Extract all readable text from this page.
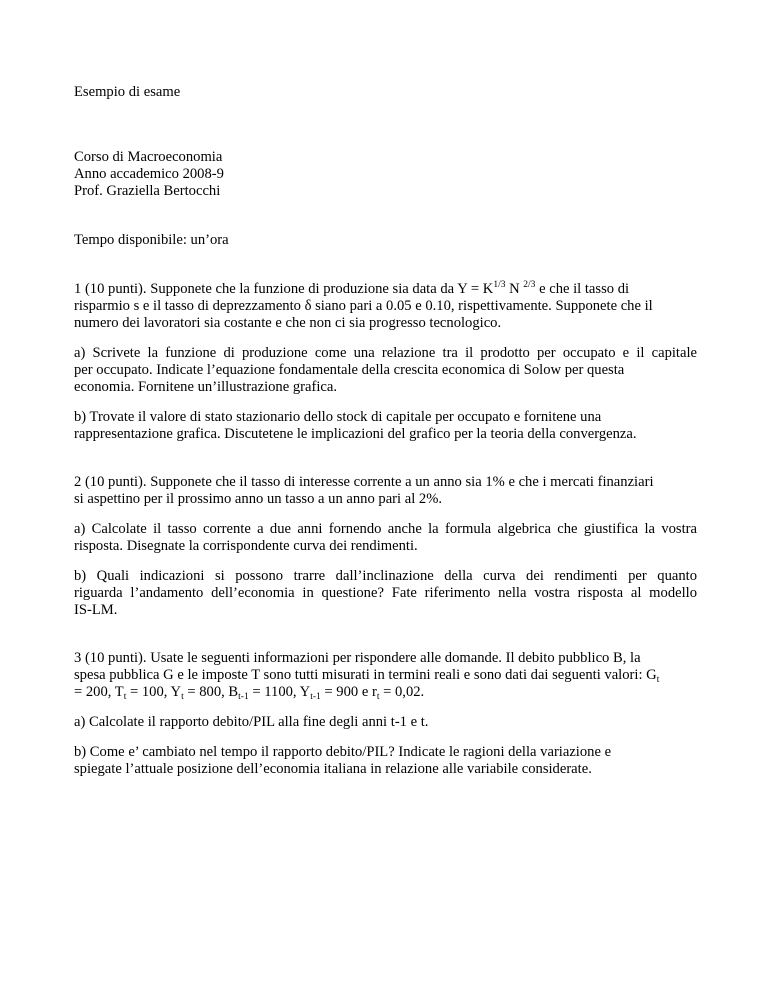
Esempio di esame
Corso di Macroeconomia
Anno accademico 2008-9
Prof. Graziella Bertocchi
Tempo disponibile: un’ora
1 (10 punti). Supponete che la funzione di produzione sia data da $Y = K^{1/3}$ N $^{2/3}$ e che il tasso di
risparmio s e il tasso di deprezzamento δ siano pari a 0.05 e 0.10, rispettivamente. Supponete che il
numero dei lavoratori sia costante e che non ci sia progresso tecnologico.
a) Scrivete la funzione di produzione come una relazione tra il prodotto per occupato e il capitale
per occupato. Indicate l’equazione fondamentale della crescita economica di Solow per questa
economia. Fornitene un’illustrazione grafica.
b) Trovate il valore di stato stazionario dello stock di capitale per occupato e fornitene una
rappresentazione grafica. Discutetene le implicazioni del grafico per la teoria della convergenza.
2 (10 punti). Supponete che il tasso di interesse corrente a un anno sia 1% e che i mercati finanziari
si aspettino per il prossimo anno un tasso a un anno pari al 2%.
a) Calcolate il tasso corrente a due anni fornendo anche la formula algebrica che giustifica la vostra
risposta. Disegnate la corrispondente curva dei rendimenti.
b) Quali indicazioni si possono trarre dall’inclinazione della curva dei rendimenti per quanto
riguarda l’andamento dell’economia in questione? Fate riferimento nella vostra risposta al modello
IS-LM.
3 (10 punti). Usate le seguenti informazioni per rispondere alle domande. Il debito pubblico B, la
spesa pubblica G e le imposte T sono tutti misurati in termini reali e sono dati dai seguenti valori: $G_t$
= 200, $T_t = 100$, $Y_t = 800$, $B_{t-1} = 1100$, $Y_{t-1} = 900$ e $r_t = 0,02$.
a) Calcolate il rapporto debito/PIL alla fine degli anni t-1 e t.
b) Come e’ cambiato nel tempo il rapporto debito/PIL? Indicate le ragioni della variazione e
spiegate l’attuale posizione dell’economia italiana in relazione alle variabile considerate.
